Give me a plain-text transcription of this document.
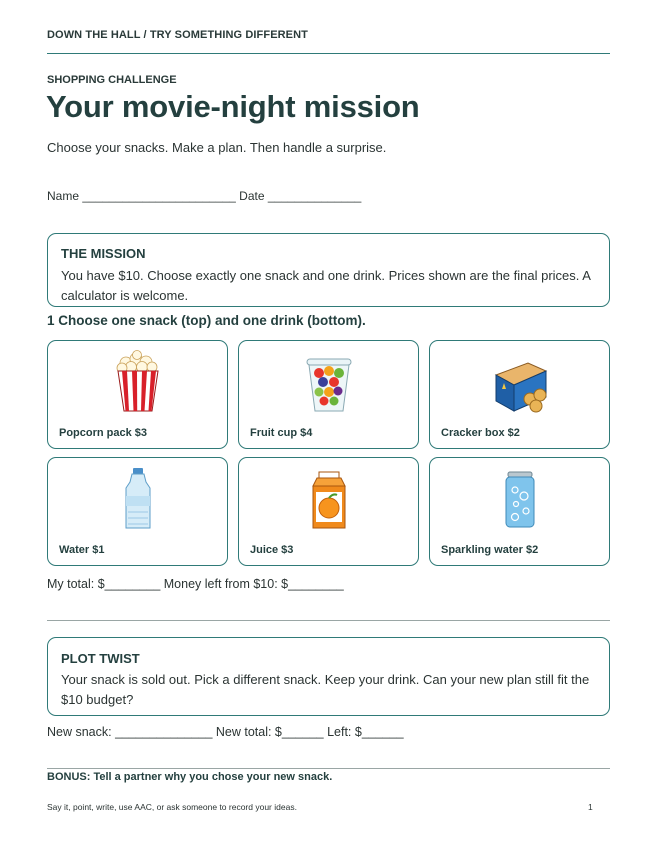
DOWN THE HALL / TRY SOMETHING DIFFERENT
SHOPPING CHALLENGE
Your movie-night mission
Choose your snacks. Make a plan. Then handle a surprise.
Name _______________________ Date ______________
THE MISSION
You have $10. Choose exactly one snack and one drink. Prices shown are the final prices. A calculator is welcome.
1 Choose one snack (top) and one drink (bottom).
Popcorn pack $3	Fruit cup $4	Cracker box $2
Water $1	Juice $3	Sparkling water $2
My total: $________ Money left from $10: $________
PLOT TWIST
Your snack is sold out. Pick a different snack. Keep your drink. Can your new plan still fit the $10 budget?
New snack: ______________ New total: $______ Left: $______
BONUS: Tell a partner why you chose your new snack.
Say it, point, write, use AAC, or ask someone to record your ideas.	1
